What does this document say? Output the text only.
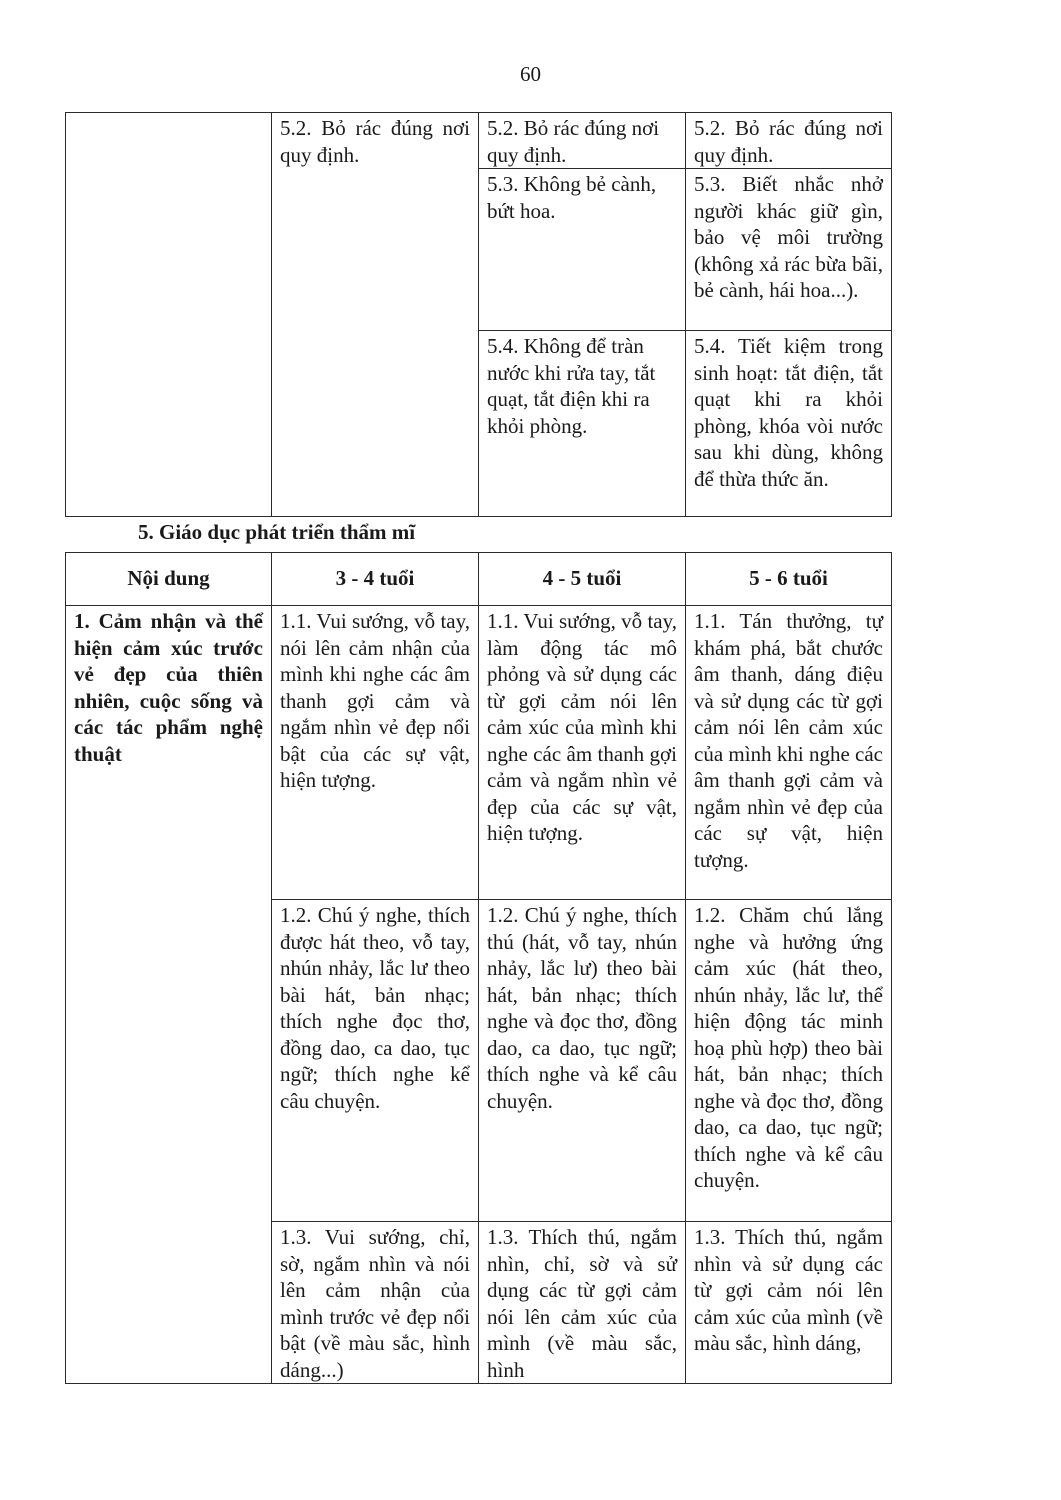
60
	5.2. Bỏ rác đúng nơi quy định.	5.2. Bỏ rác đúng nơi quy định.	5.2. Bỏ rác đúng nơi quy định.
		5.3. Không bẻ cành, bứt hoa.	5.3. Biết nhắc nhở người khác giữ gìn, bảo vệ môi trường (không xả rác bừa bãi, bẻ cành, hái hoa...).
		5.4. Không để tràn nước khi rửa tay, tắt quạt, tắt điện khi ra khỏi phòng.	5.4. Tiết kiệm trong sinh hoạt: tắt điện, tắt quạt khi ra khỏi phòng, khóa vòi nước sau khi dùng, không để thừa thức ăn.
5. Giáo dục phát triển thẩm mĩ
Nội dung	3 - 4 tuổi	4 - 5 tuổi	5 - 6 tuổi
1. Cảm nhận và thể hiện cảm xúc trước vẻ đẹp của thiên nhiên, cuộc sống và các tác phẩm nghệ thuật	1.1. Vui sướng, vỗ tay, nói lên cảm nhận của mình khi nghe các âm thanh gợi cảm và ngắm nhìn vẻ đẹp nổi bật của các sự vật, hiện tượng.	1.1. Vui sướng, vỗ tay, làm động tác mô phỏng và sử dụng các từ gợi cảm nói lên cảm xúc của mình khi nghe các âm thanh gợi cảm và ngắm nhìn vẻ đẹp của các sự vật, hiện tượng.	1.1. Tán thưởng, tự khám phá, bắt chước âm thanh, dáng điệu và sử dụng các từ gợi cảm nói lên cảm xúc của mình khi nghe các âm thanh gợi cảm và ngắm nhìn vẻ đẹp của các sự vật, hiện tượng.
	1.2. Chú ý nghe, thích được hát theo, vỗ tay, nhún nhảy, lắc lư theo bài hát, bản nhạc; thích nghe đọc thơ, đồng dao, ca dao, tục ngữ; thích nghe kể câu chuyện.	1.2. Chú ý nghe, thích thú (hát, vỗ tay, nhún nhảy, lắc lư) theo bài hát, bản nhạc; thích nghe và đọc thơ, đồng dao, ca dao, tục ngữ; thích nghe và kể câu chuyện.	1.2. Chăm chú lắng nghe và hưởng ứng cảm xúc (hát theo, nhún nhảy, lắc lư, thể hiện động tác minh hoạ phù hợp) theo bài hát, bản nhạc; thích nghe và đọc thơ, đồng dao, ca dao, tục ngữ; thích nghe và kể câu chuyện.
	1.3. Vui sướng, chỉ, sờ, ngắm nhìn và nói lên cảm nhận của mình trước vẻ đẹp nổi bật (về màu sắc, hình dáng...)	1.3. Thích thú, ngắm nhìn, chỉ, sờ và sử dụng các từ gợi cảm nói lên cảm xúc của mình (về màu sắc, hình	1.3. Thích thú, ngắm nhìn và sử dụng các từ gợi cảm nói lên cảm xúc của mình (về màu sắc, hình dáng,
